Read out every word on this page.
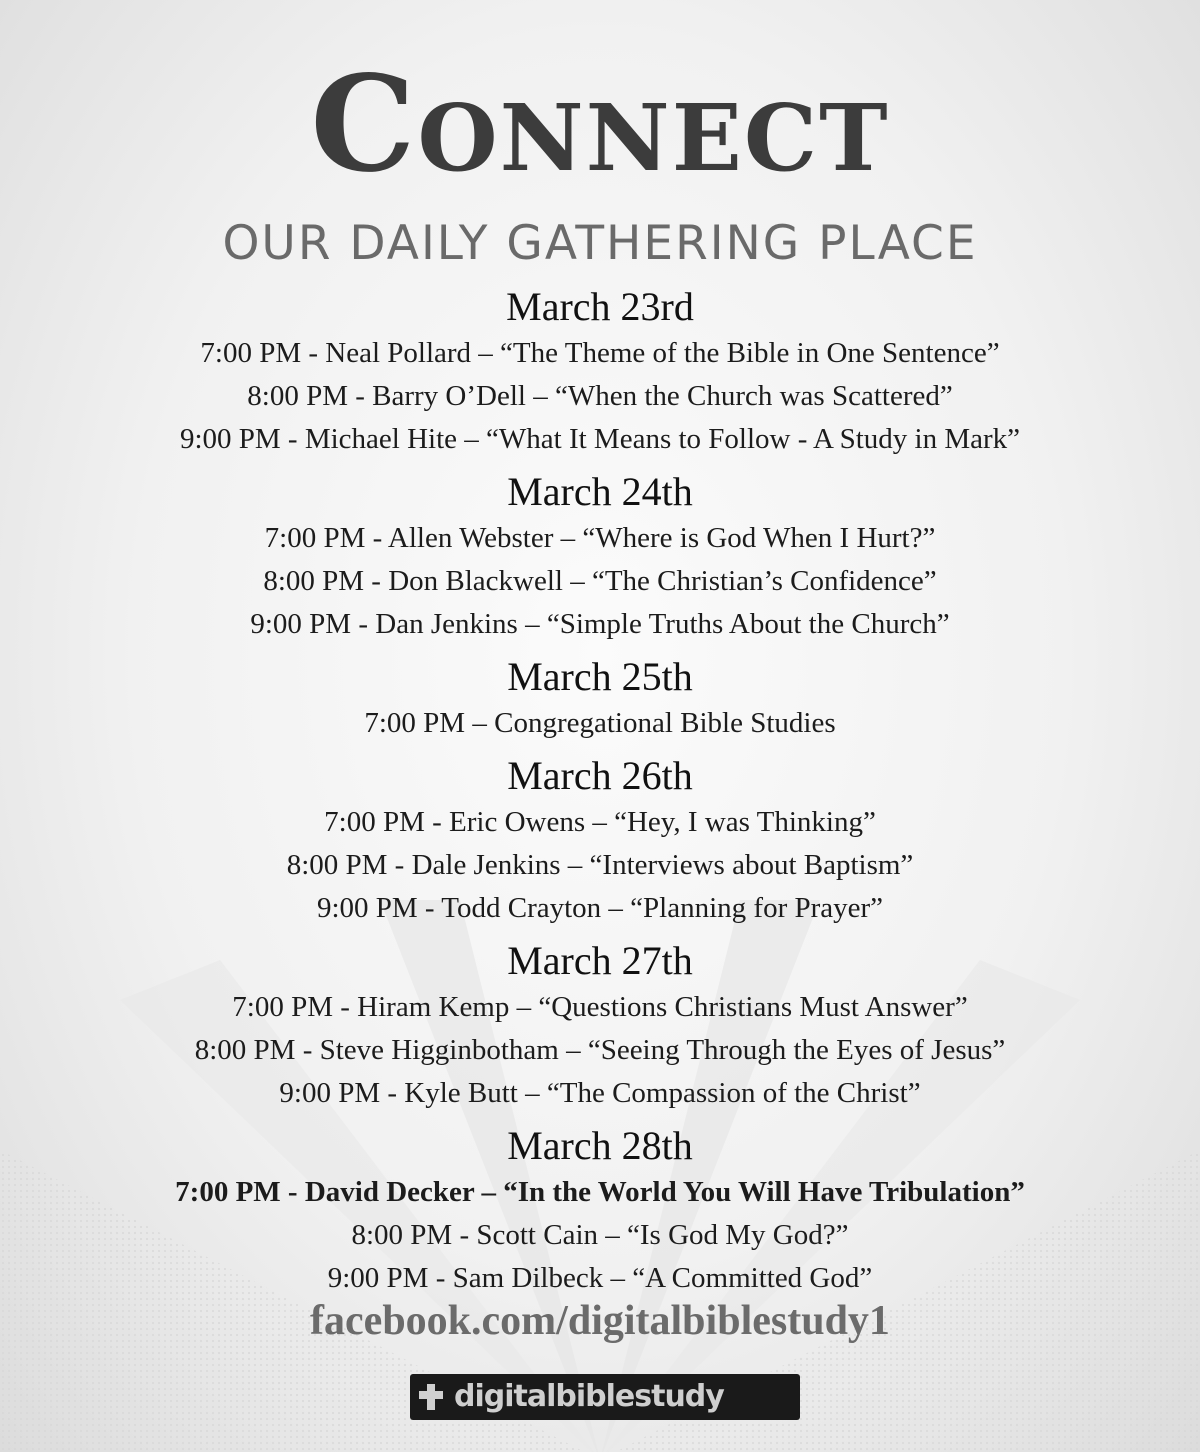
Connect
OUR DAILY GATHERING PLACE
March 23rd
7:00 PM - Neal Pollard – “The Theme of the Bible in One Sentence”
8:00 PM - Barry O’Dell – “When the Church was Scattered”
9:00 PM - Michael Hite – “What It Means to Follow - A Study in Mark”
March 24th
7:00 PM - Allen Webster – “Where is God When I Hurt?”
8:00 PM - Don Blackwell – “The Christian’s Confidence”
9:00 PM - Dan Jenkins – “Simple Truths About the Church”
March 25th
7:00 PM – Congregational Bible Studies
March 26th
7:00 PM - Eric Owens – “Hey, I was Thinking”
8:00 PM - Dale Jenkins – “Interviews about Baptism”
9:00 PM - Todd Crayton – “Planning for Prayer”
March 27th
7:00 PM - Hiram Kemp – “Questions Christians Must Answer”
8:00 PM - Steve Higginbotham – “Seeing Through the Eyes of Jesus”
9:00 PM - Kyle Butt – “The Compassion of the Christ”
March 28th
7:00 PM - David Decker – “In the World You Will Have Tribulation”
8:00 PM - Scott Cain – “Is God My God?”
9:00 PM - Sam Dilbeck – “A Committed God”
facebook.com/digitalbiblestudy1
digitalbiblestudy
